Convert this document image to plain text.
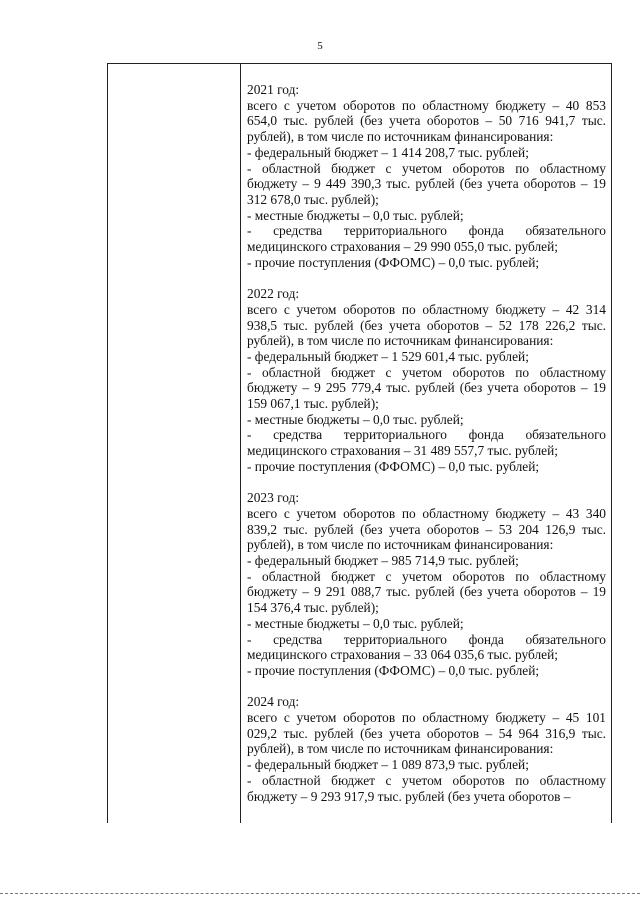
5

2021 год:

всего с учетом оборотов по областному бюджету – 40 853 654,0 тыс. рублей (без учета оборотов – 50 716 941,7 тыс. рублей), в том числе по источникам финансирования:

- федеральный бюджет – 1 414 208,7 тыс. рублей;

- областной бюджет с учетом оборотов по областному бюджету – 9 449 390,3 тыс. рублей (без учета оборотов – 19 312 678,0 тыс. рублей);

- местные бюджеты – 0,0 тыс. рублей;

- средства территориального фонда обязательного медицинского страхования – 29 990 055,0 тыс. рублей;

- прочие поступления (ФФОМС) – 0,0 тыс. рублей;

2022 год:

всего с учетом оборотов по областному бюджету – 42 314 938,5 тыс. рублей (без учета оборотов – 52 178 226,2 тыс. рублей), в том числе по источникам финансирования:

- федеральный бюджет – 1 529 601,4 тыс. рублей;

- областной бюджет с учетом оборотов по областному бюджету – 9 295 779,4 тыс. рублей (без учета оборотов – 19 159 067,1 тыс. рублей);

- местные бюджеты – 0,0 тыс. рублей;

- средства территориального фонда обязательного медицинского страхования – 31 489 557,7 тыс. рублей;

- прочие поступления (ФФОМС) – 0,0 тыс. рублей;

2023 год:

всего с учетом оборотов по областному бюджету – 43 340 839,2 тыс. рублей (без учета оборотов – 53 204 126,9 тыс. рублей), в том числе по источникам финансирования:

- федеральный бюджет – 985 714,9 тыс. рублей;

- областной бюджет с учетом оборотов по областному бюджету – 9 291 088,7 тыс. рублей (без учета оборотов – 19 154 376,4 тыс. рублей);

- местные бюджеты – 0,0 тыс. рублей;

- средства территориального фонда обязательного медицинского страхования – 33 064 035,6 тыс. рублей;

- прочие поступления (ФФОМС) – 0,0 тыс. рублей;

2024 год:

всего с учетом оборотов по областному бюджету – 45 101 029,2 тыс. рублей (без учета оборотов – 54 964 316,9 тыс. рублей), в том числе по источникам финансирования:

- федеральный бюджет – 1 089 873,9 тыс. рублей;

- областной бюджет с учетом оборотов по областному бюджету – 9 293 917,9 тыс. рублей (без учета оборотов –
